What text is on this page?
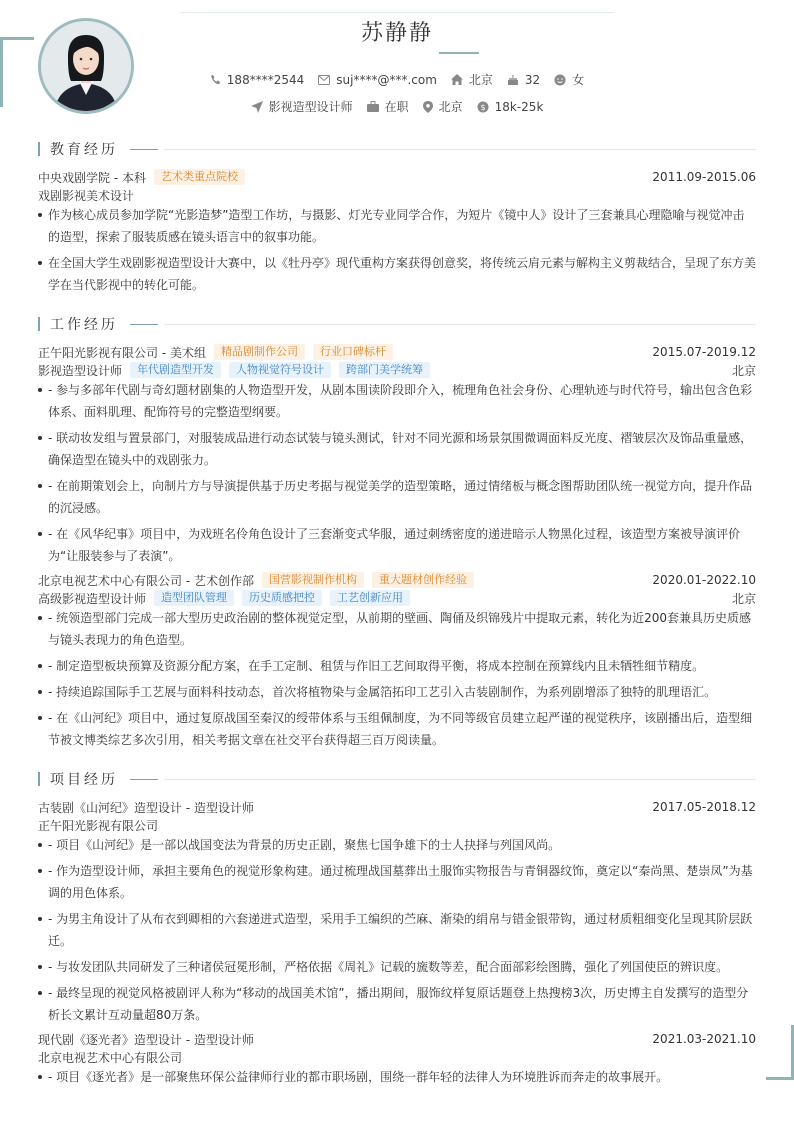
苏静静
188****2544	suj****@***.com	北京	32	女
影视造型设计师	在职	北京 $ 18k-25k
教育经历
中央戏剧学院 - 本科	艺术类重点院校	2011.09-2015.06
戏剧影视美术设计
作为核心成员参加学院“光影造梦”造型工作坊，与摄影、灯光专业同学合作，为短片《镜中人》设计了三套兼具心理隐喻与视觉冲击的造型，探索了服装质感在镜头语言中的叙事功能。
在全国大学生戏剧影视造型设计大赛中，以《牡丹亭》现代重构方案获得创意奖，将传统云肩元素与解构主义剪裁结合，呈现了东方美学在当代影视中的转化可能。
工作经历
正午阳光影视有限公司 - 美术组	精品剧制作公司	行业口碑标杆	2015.07-2019.12
影视造型设计师	年代剧造型开发	人物视觉符号设计	跨部门美学统筹	北京
- 参与多部年代剧与奇幻题材剧集的人物造型开发，从剧本围读阶段即介入，梳理角色社会身份、心理轨迹与时代符号，输出包含色彩体系、面料肌理、配饰符号的完整造型纲要。
- 联动妆发组与置景部门，对服装成品进行动态试装与镜头测试，针对不同光源和场景氛围微调面料反光度、褶皱层次及饰品重量感，确保造型在镜头中的戏剧张力。
- 在前期策划会上，向制片方与导演提供基于历史考据与视觉美学的造型策略，通过情绪板与概念图帮助团队统一视觉方向，提升作品的沉浸感。
- 在《风华纪事》项目中，为戏班名伶角色设计了三套渐变式华服，通过刺绣密度的递进暗示人物黑化过程，该造型方案被导演评价为“让服装参与了表演”。
北京电视艺术中心有限公司 - 艺术创作部	国营影视制作机构	重大题材创作经验	2020.01-2022.10
高级影视造型设计师	造型团队管理	历史质感把控	工艺创新应用	北京
- 统领造型部门完成一部大型历史政治剧的整体视觉定型，从前期的壁画、陶俑及织锦残片中提取元素，转化为近200套兼具历史质感与镜头表现力的角色造型。
- 制定造型板块预算及资源分配方案，在手工定制、租赁与作旧工艺间取得平衡，将成本控制在预算线内且未牺牲细节精度。
- 持续追踪国际手工艺展与面料科技动态，首次将植物染与金属箔拓印工艺引入古装剧制作，为系列剧增添了独特的肌理语汇。
- 在《山河纪》项目中，通过复原战国至秦汉的绶带体系与玉组佩制度，为不同等级官员建立起严谨的视觉秩序，该剧播出后，造型细节被文博类综艺多次引用，相关考据文章在社交平台获得超三百万阅读量。
项目经历
古装剧《山河纪》造型设计 - 造型设计师	2017.05-2018.12
正午阳光影视有限公司
- 项目《山河纪》是一部以战国变法为背景的历史正剧，聚焦七国争雄下的士人抉择与列国风尚。
- 作为造型设计师，承担主要角色的视觉形象构建。通过梳理战国墓葬出土服饰实物报告与青铜器纹饰，奠定以“秦尚黑、楚崇凤”为基调的用色体系。
- 为男主角设计了从布衣到卿相的六套递进式造型，采用手工编织的苎麻、渐染的绢帛与错金银带钩，通过材质粗细变化呈现其阶层跃迁。
- 与妆发团队共同研发了三种诸侯冠冕形制，严格依据《周礼》记载的旒数等差，配合面部彩绘图腾，强化了列国使臣的辨识度。
- 最终呈现的视觉风格被剧评人称为“移动的战国美术馆”，播出期间，服饰纹样复原话题登上热搜榜3次，历史博主自发撰写的造型分析长文累计互动量超80万条。
现代剧《逐光者》造型设计 - 造型设计师	2021.03-2021.10
北京电视艺术中心有限公司
- 项目《逐光者》是一部聚焦环保公益律师行业的都市职场剧，围绕一群年轻的法律人为环境胜诉而奔走的故事展开。
